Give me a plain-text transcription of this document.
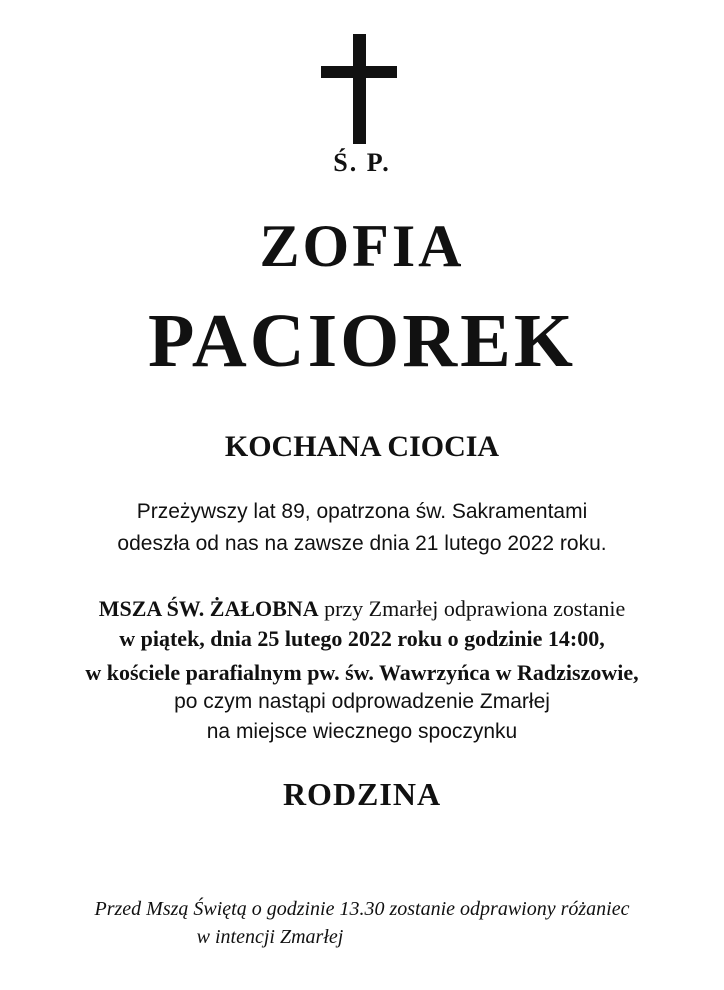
Ś. P.
ZOFIA
PACIOREK
KOCHANA CIOCIA
Przeżywszy lat 89, opatrzona św. Sakramentami
odeszła od nas na zawsze dnia 21 lutego 2022 roku.
MSZA ŚW. ŻAŁOBNA przy Zmarłej odprawiona zostanie
w piątek, dnia 25 lutego 2022 roku o godzinie 14:00,
w kościele parafialnym pw. św. Wawrzyńca w Radziszowie,
po czym nastąpi odprowadzenie Zmarłej
na miejsce wiecznego spoczynku
RODZINA
Przed Mszą Świętą o godzinie 13.30 zostanie odprawiony różaniec
w intencji Zmarłej
